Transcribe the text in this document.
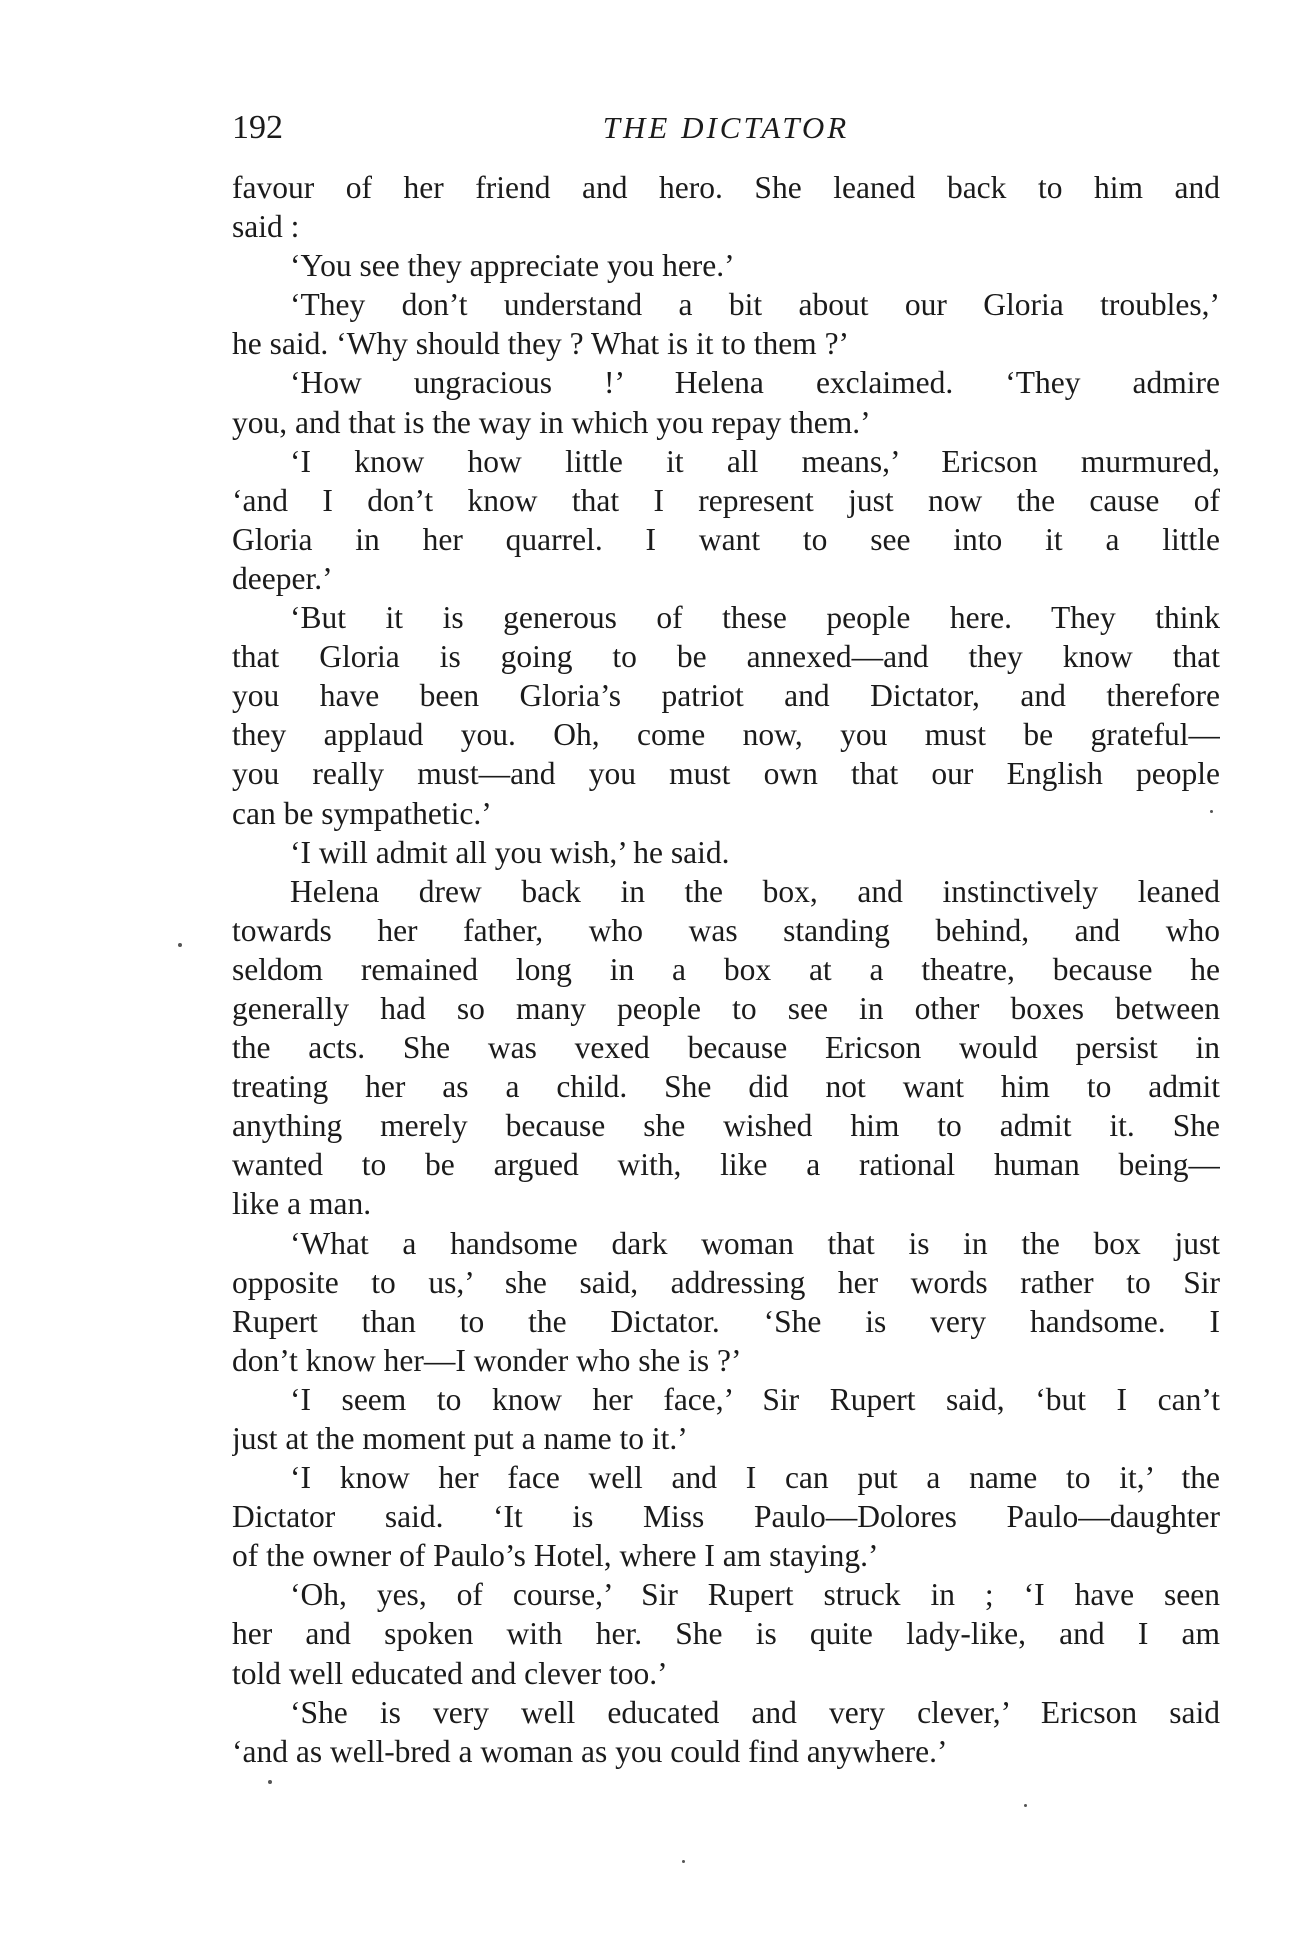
192	THE DICTATOR
favour of her friend and hero. She leaned back to him and
said :
‘You see they appreciate you here.’
‘They don’t understand a bit about our Gloria troubles,’
he said. ‘Why should they ? What is it to them ?’
‘How ungracious !’ Helena exclaimed. ‘They admire
you, and that is the way in which you repay them.’
‘I know how little it all means,’ Ericson murmured,
‘and I don’t know that I represent just now the cause of
Gloria in her quarrel. I want to see into it a little
deeper.’
‘But it is generous of these people here. They think
that Gloria is going to be annexed—and they know that
you have been Gloria’s patriot and Dictator, and therefore
they applaud you. Oh, come now, you must be grateful—
you really must—and you must own that our English people
can be sympathetic.’
‘I will admit all you wish,’ he said.
Helena drew back in the box, and instinctively leaned
towards her father, who was standing behind, and who
seldom remained long in a box at a theatre, because he
generally had so many people to see in other boxes between
the acts. She was vexed because Ericson would persist in
treating her as a child. She did not want him to admit
anything merely because she wished him to admit it. She
wanted to be argued with, like a rational human being—
like a man.
‘What a handsome dark woman that is in the box just
opposite to us,’ she said, addressing her words rather to Sir
Rupert than to the Dictator. ‘She is very handsome. I
don’t know her—I wonder who she is ?’
‘I seem to know her face,’ Sir Rupert said, ‘but I can’t
just at the moment put a name to it.’
‘I know her face well and I can put a name to it,’ the
Dictator said. ‘It is Miss Paulo—Dolores Paulo—daughter
of the owner of Paulo’s Hotel, where I am staying.’
‘Oh, yes, of course,’ Sir Rupert struck in ; ‘I have seen
her and spoken with her. She is quite lady-like, and I am
told well educated and clever too.’
‘She is very well educated and very clever,’ Ericson said
‘and as well-bred a woman as you could find anywhere.’
